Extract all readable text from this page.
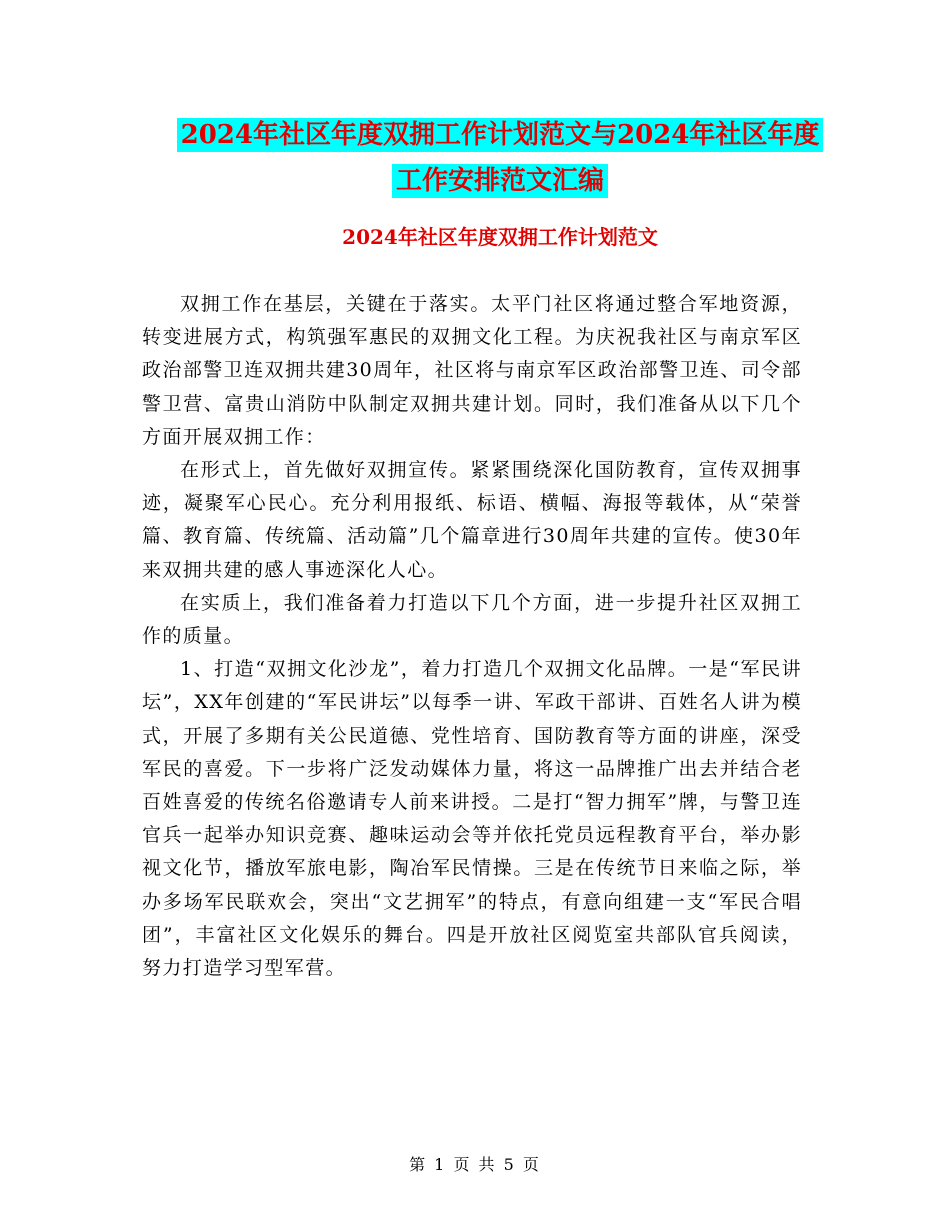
2024年社区年度双拥工作计划范文与2024年社区年度
工作安排范文汇编
2024年社区年度双拥工作计划范文

双拥工作在基层，关键在于落实。太平门社区将通过整合军地资源，转变进展方式，构筑强军惠民的双拥文化工程。为庆祝我社区与南京军区政治部警卫连双拥共建30周年，社区将与南京军区政治部警卫连、司令部警卫营、富贵山消防中队制定双拥共建计划。同时，我们准备从以下几个方面开展双拥工作：

在形式上，首先做好双拥宣传。紧紧围绕深化国防教育，宣传双拥事迹，凝聚军心民心。充分利用报纸、标语、横幅、海报等载体，从“荣誉篇、教育篇、传统篇、活动篇”几个篇章进行30周年共建的宣传。使30年来双拥共建的感人事迹深化人心。

在实质上，我们准备着力打造以下几个方面，进一步提升社区双拥工作的质量。

1、打造“双拥文化沙龙”，着力打造几个双拥文化品牌。一是“军民讲坛”，XX年创建的“军民讲坛”以每季一讲、军政干部讲、百姓名人讲为模式，开展了多期有关公民道德、党性培育、国防教育等方面的讲座，深受军民的喜爱。下一步将广泛发动媒体力量，将这一品牌推广出去并结合老百姓喜爱的传统名俗邀请专人前来讲授。二是打“智力拥军”牌，与警卫连官兵一起举办知识竞赛、趣味运动会等并依托党员远程教育平台，举办影视文化节，播放军旅电影，陶冶军民情操。三是在传统节日来临之际，举办多场军民联欢会，突出“文艺拥军”的特点，有意向组建一支“军民合唱团”，丰富社区文化娱乐的舞台。四是开放社区阅览室共部队官兵阅读，努力打造学习型军营。

第 1 页 共 5 页
